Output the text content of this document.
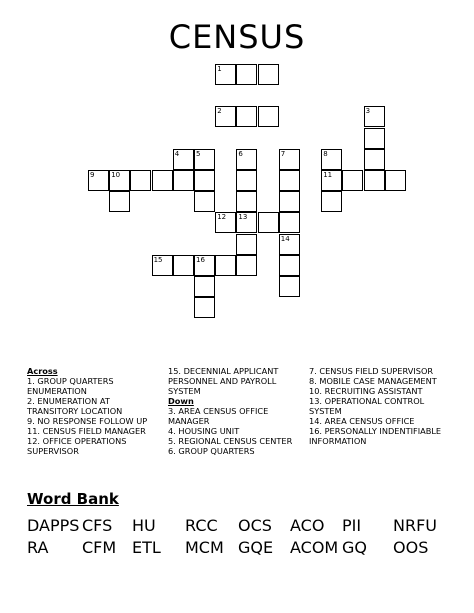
CENSUS
1
2	3
4 5	6	7	8
9 10	11
12 13
14
15	16
Across
1. GROUP QUARTERS ENUMERATION
2. ENUMERATION AT TRANSITORY LOCATION
9. NO RESPONSE FOLLOW UP
11. CENSUS FIELD MANAGER
12. OFFICE OPERATIONS SUPERVISOR
15. DECENNIAL APPLICANT PERSONNEL AND PAYROLL SYSTEM
Down
3. AREA CENSUS OFFICE MANAGER
4. HOUSING UNIT
5. REGIONAL CENSUS CENTER
6. GROUP QUARTERS
7. CENSUS FIELD SUPERVISOR
8. MOBILE CASE MANAGEMENT
10. RECRUITING ASSISTANT
13. OPERATIONAL CONTROL SYSTEM
14. AREA CENSUS OFFICE
16. PERSONALLY INDENTIFIABLE INFORMATION
Word Bank
DAPPS CFS HU RCC OCS ACO PII NRFU
RA CFM ETL MCM GQE ACOM GQ OOS
